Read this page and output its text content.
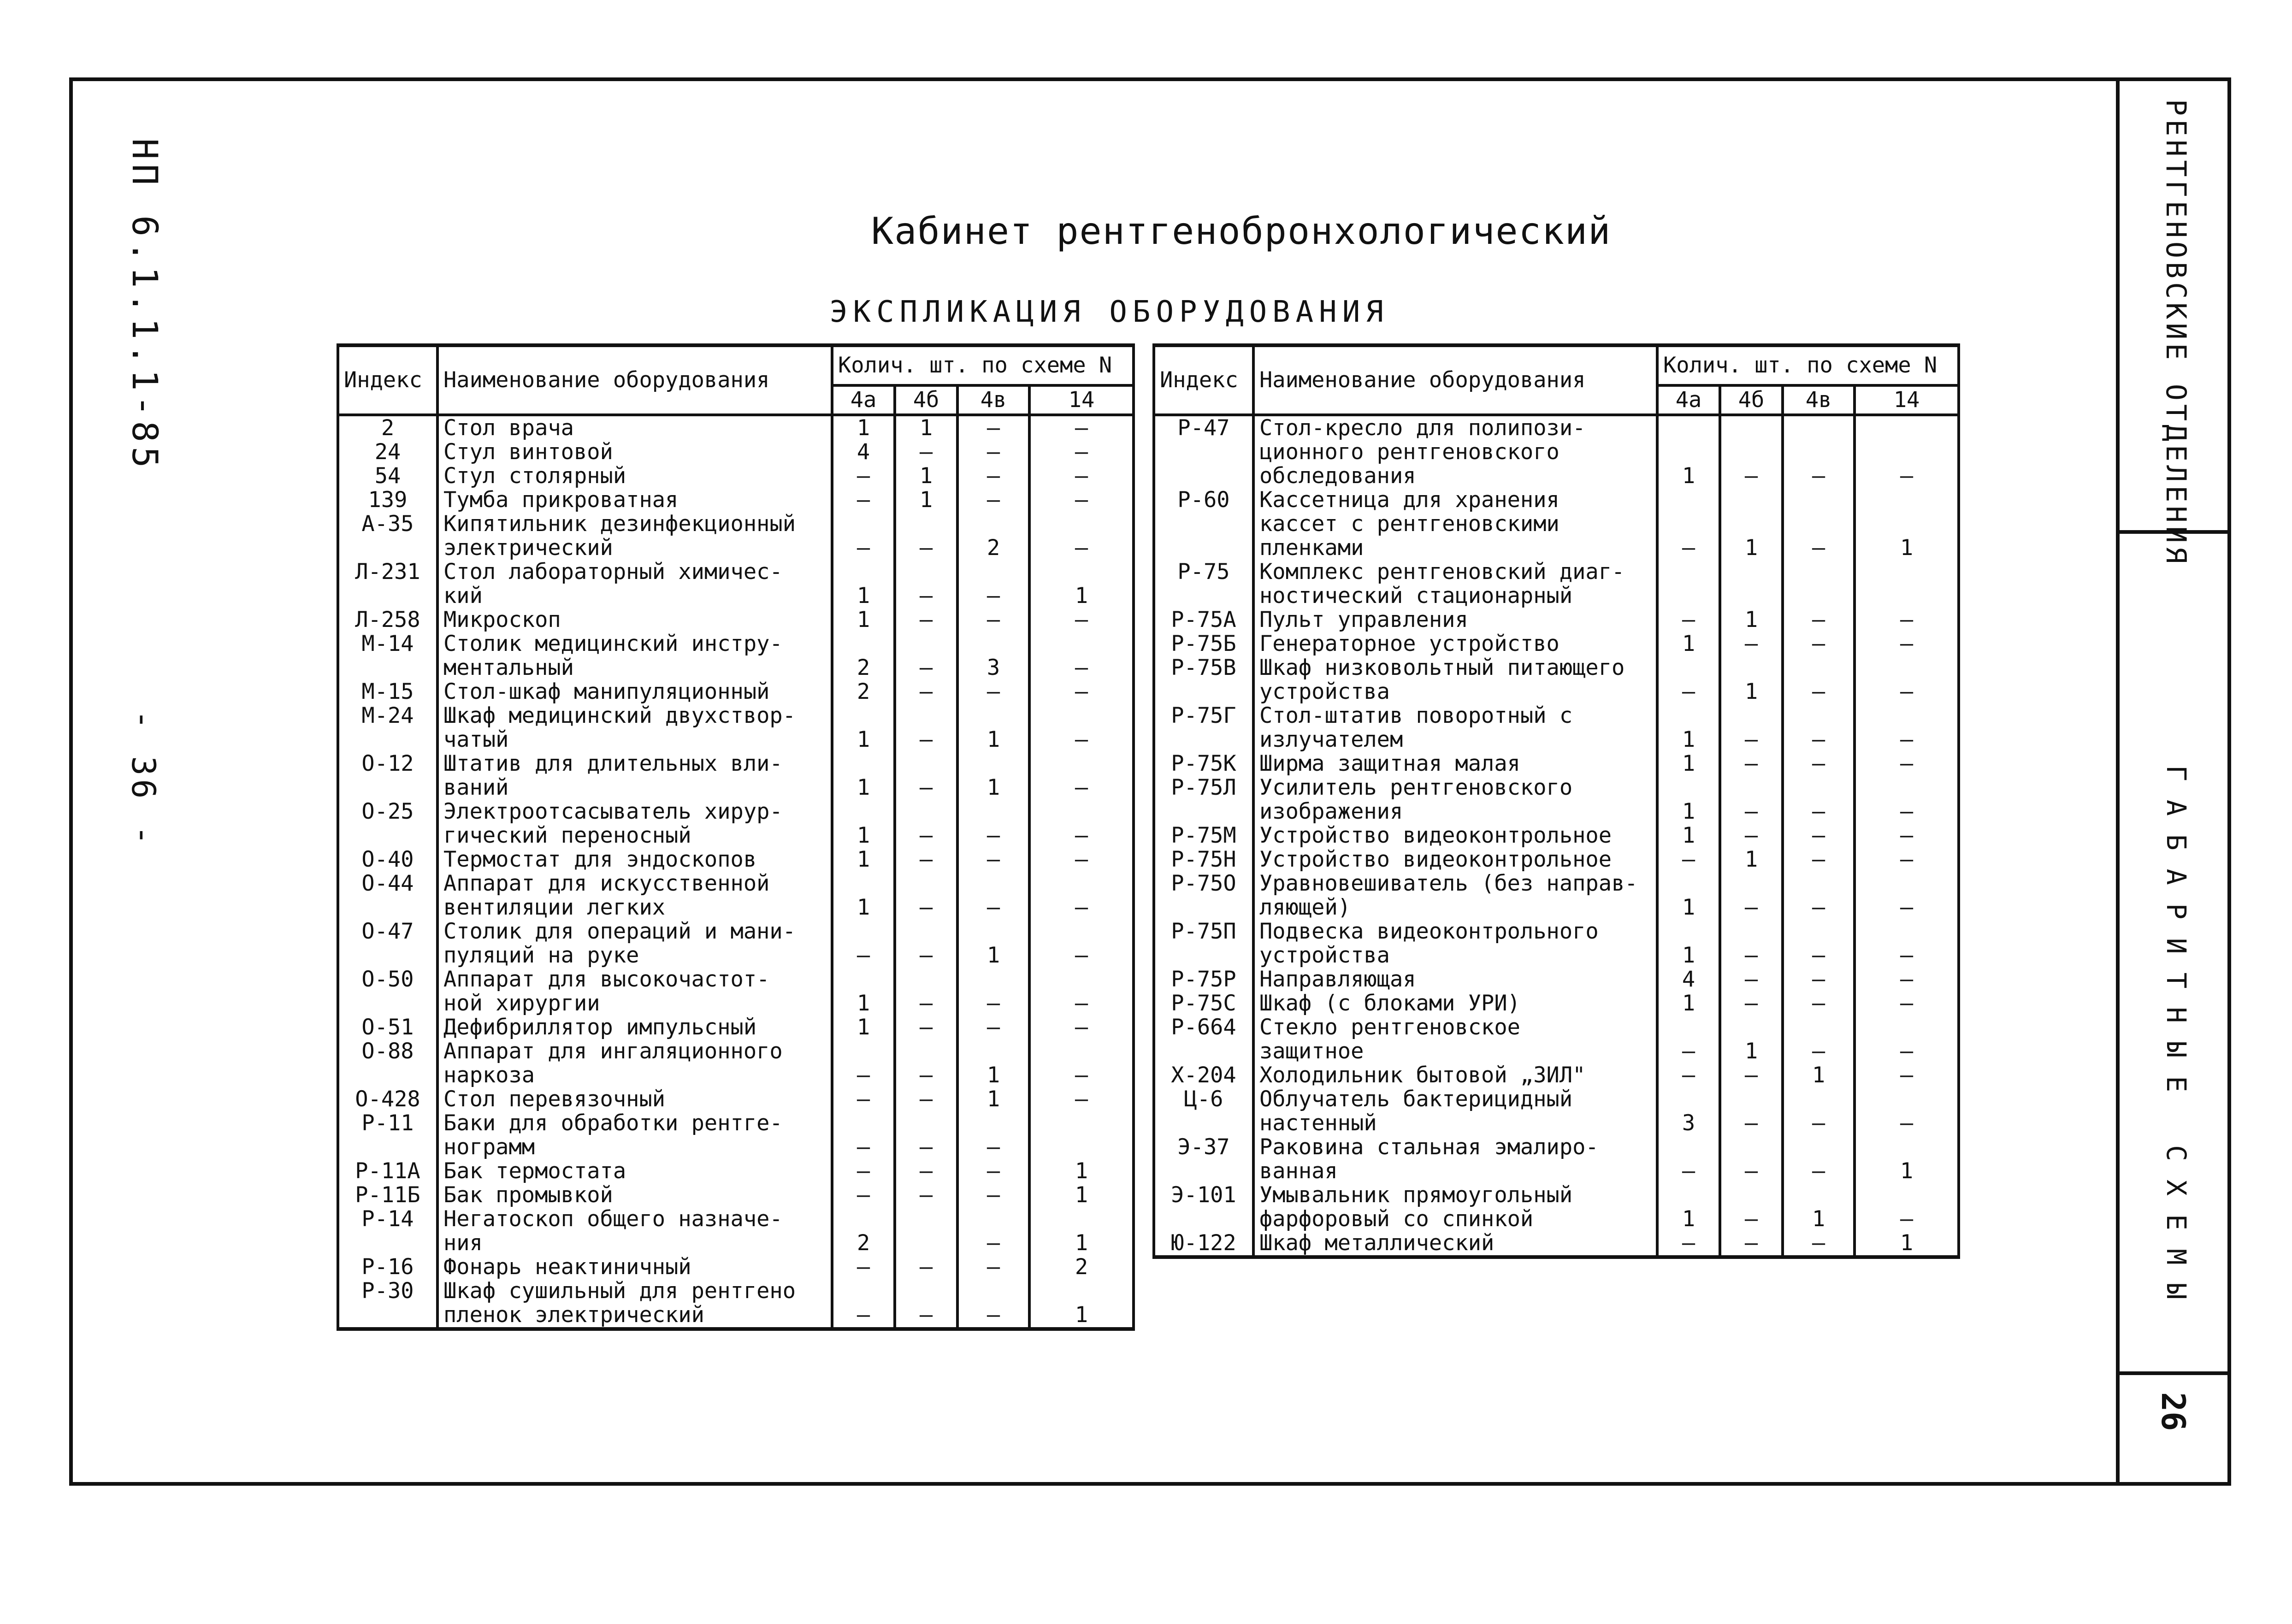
НП 6.1.1.1-85
- 36 -
РЕНТГЕНОВСКИЕ ОТДЕЛЕНИЯ
ГАБАРИТНЫЕ СХЕМЫ
26
Кабинет рентгенобронхологический
ЭКСПЛИКАЦИЯ ОБОРУДОВАНИЯ
Индекс	Наименование оборудования	Колич. шт. по схеме N			
		4а	4б	4в	14
2	Стол врача	1	1	—	—
24	Стул винтовой	4	—	—	—
54	Стул столярный	—	1	—	—
139	Тумба прикроватная	—	1	—	—
А-35	Кипятильник дезинфекционный
электрический	—	—	2	—
Л-231	Стол лабораторный химичес-
кий	1	—	—	1
Л-258	Микроскоп	1	—	—	—
М-14	Столик медицинский инстру-
ментальный	2	—	3	—
М-15	Стол-шкаф манипуляционный	2	—	—	—
М-24	Шкаф медицинский двухствор-
чатый	1	—	1	—
О-12	Штатив для длительных вли-
ваний	1	—	1	—
О-25	Электроотсасыватель хирур-
гический переносный	1	—	—	—
О-40	Термостат для эндоскопов	1	—	—	—
О-44	Аппарат для искусственной
вентиляции легких	1	—	—	—
О-47	Столик для операций и мани-
пуляций на руке	—	—	1	—
О-50	Аппарат для высокочастот-
ной хирургии	1	—	—	—
О-51	Дефибриллятор импульсный	1	—	—	—
О-88	Аппарат для ингаляционного
наркоза	—	—	1	—
О-428	Стол перевязочный	—	—	1	—
Р-11	Баки для обработки рентге-
нограмм	—	—	—	
Р-11А	Бак термостата	—	—	—	1
Р-11Б	Бак промывкой	—	—	—	1
Р-14	Негатоскоп общего назначе-
ния	2		—	1
Р-16	Фонарь неактиничный	—	—	—	2
Р-30	Шкаф сушильный для рентгено
пленок электрический	—	—	—	1
Индекс	Наименование оборудования	Колич. шт. по схеме N			
		4а	4б	4в	14
Р-47	Стол-кресло для полипози-
ционного рентгеновского
обследования	1	—	—	—
Р-60	Кассетница для хранения
кассет с рентгеновскими
пленками	—	1	—	1
Р-75	Комплекс рентгеновский диаг-
ностический стационарный				
Р-75А	Пульт управления	—	1	—	—
Р-75Б	Генераторное устройство	1	—	—	—
Р-75В	Шкаф низковольтный питающего
устройства	—	1	—	—
Р-75Г	Стол-штатив поворотный с
излучателем	1	—	—	—
Р-75К	Ширма защитная малая	1	—	—	—
Р-75Л	Усилитель рентгеновского
изображения	1	—	—	—
Р-75М	Устройство видеоконтрольное	1	—	—	—
Р-75Н	Устройство видеоконтрольное	—	1	—	—
Р-75О	Уравновешиватель (без направ-
ляющей)	1	—	—	—
Р-75П	Подвеска видеоконтрольного
устройства	1	—	—	—
Р-75Р	Направляющая	4	—	—	—
Р-75С	Шкаф (с блоками УРИ)	1	—	—	—
Р-664	Стекло рентгеновское
защитное	—	1	—	—
Х-204	Холодильник бытовой „ЗИЛ"	—	—	1	—
Ц-6	Облучатель бактерицидный
настенный	3	—	—	—
Э-37	Раковина стальная эмалиро-
ванная	—	—	—	1
Э-101	Умывальник прямоугольный
фарфоровый со спинкой	1	—	1	—
Ю-122	Шкаф металлический	—	—	—	1
